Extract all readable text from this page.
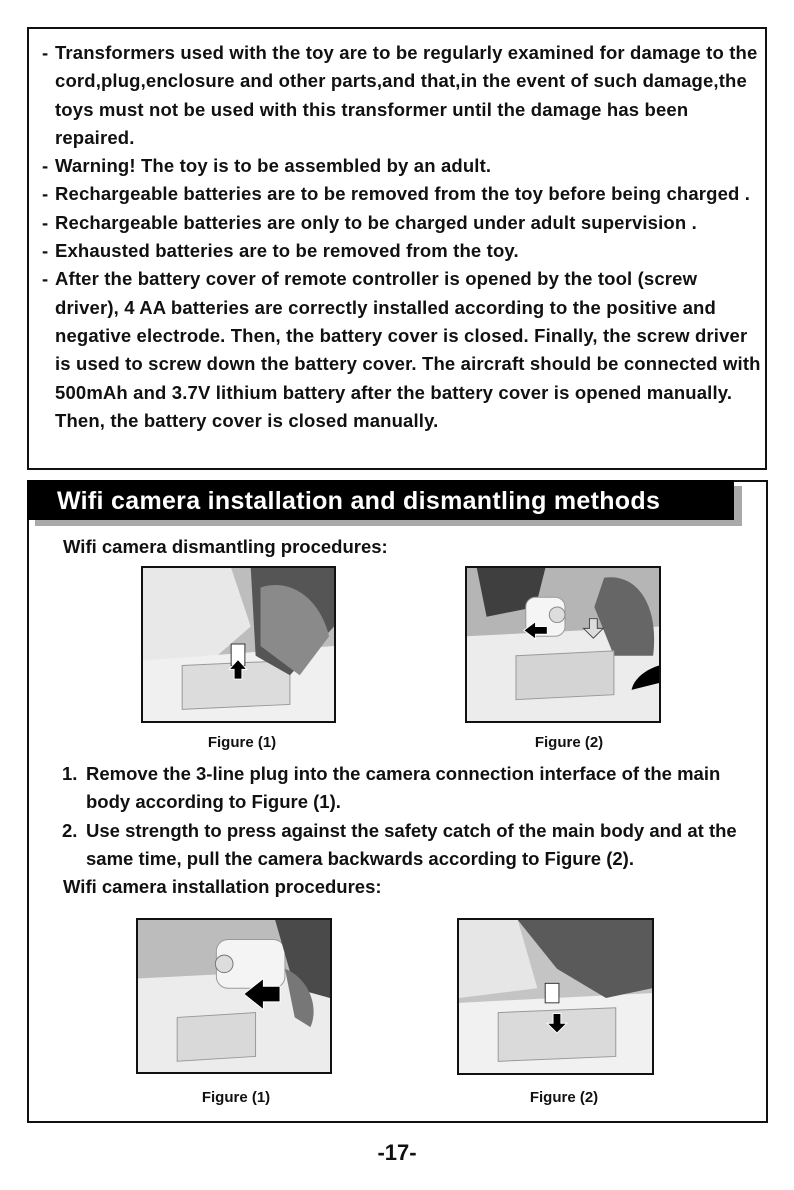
- Transformers used with the toy are to be regularly examined for damage to the cord,plug,enclosure and other parts,and that,in the event of such damage,the toys must not be used with this transformer until the damage has been repaired.
- Warning! The toy is to be assembled by an adult.
- Rechargeable batteries are to be removed from the toy before being charged .
- Rechargeable batteries are only to be charged under adult supervision .
- Exhausted batteries are to be removed from the toy.
- After the battery cover of remote controller is opened by the tool (screw driver), 4 AA batteries are correctly installed according to the positive and negative electrode. Then, the battery cover is closed. Finally, the screw driver is used to screw down the battery cover. The aircraft should be connected with 500mAh and 3.7V lithium battery after the battery cover is opened manually. Then, the battery cover is closed manually.
Wifi camera installation and dismantling methods
Wifi camera dismantling procedures:
Figure (1)	Figure (2)
1. Remove the 3-line plug into the camera connection interface of the main body according to Figure (1).
2. Use strength to press against the safety catch of the main body and at the same time, pull the camera backwards according to Figure (2).
Wifi camera installation procedures:
Figure (1)	Figure (2)
-17-
